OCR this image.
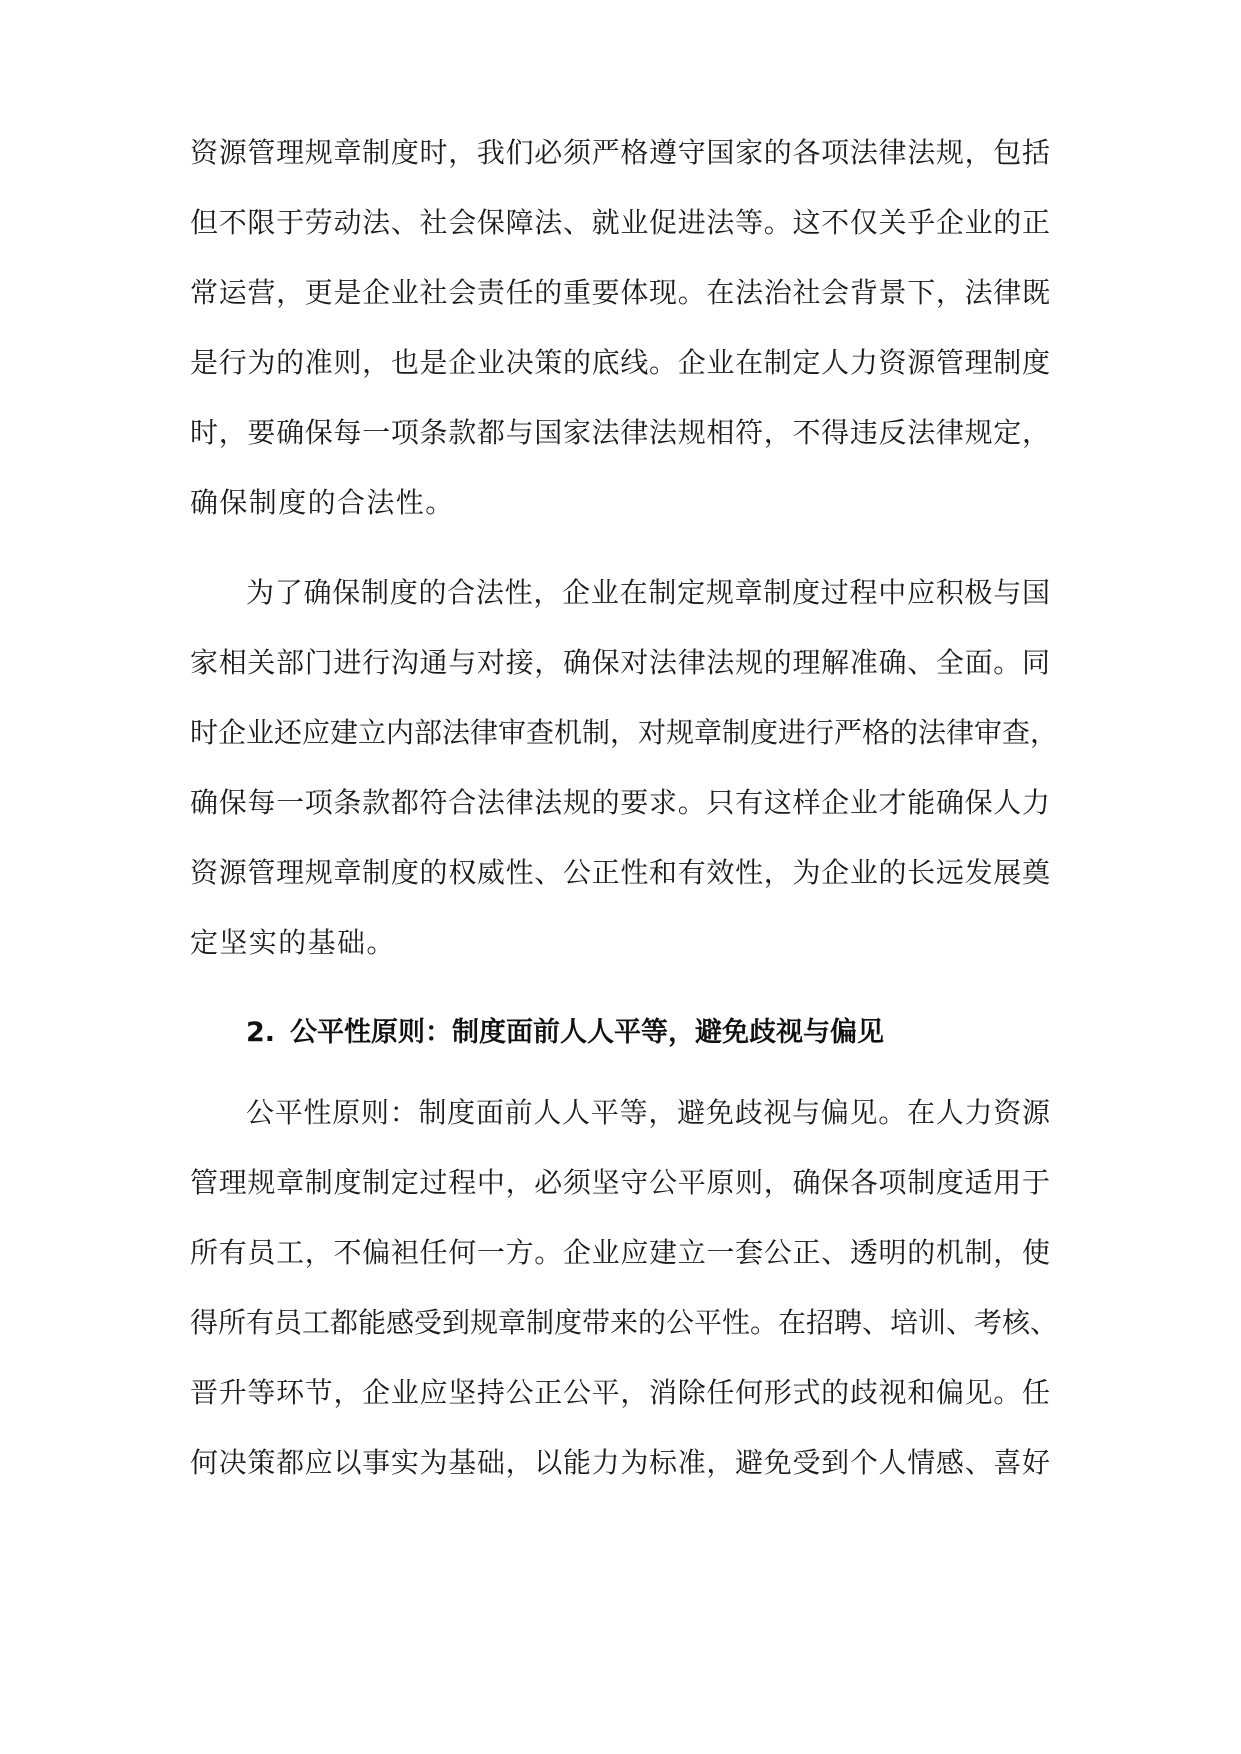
资源管理规章制度时，我们必须严格遵守国家的各项法律法规，包括
但不限于劳动法、社会保障法、就业促进法等。这不仅关乎企业的正
常运营，更是企业社会责任的重要体现。在法治社会背景下，法律既
是行为的准则，也是企业决策的底线。企业在制定人力资源管理制度
时，要确保每一项条款都与国家法律法规相符，不得违反法律规定，
确保制度的合法性。
为了确保制度的合法性，企业在制定规章制度过程中应积极与国
家相关部门进行沟通与对接，确保对法律法规的理解准确、全面。同
时企业还应建立内部法律审查机制，对规章制度进行严格的法律审查，
确保每一项条款都符合法律法规的要求。只有这样企业才能确保人力
资源管理规章制度的权威性、公正性和有效性，为企业的长远发展奠
定坚实的基础。
2. 公平性原则：制度面前人人平等，避免歧视与偏见
公平性原则：制度面前人人平等，避免歧视与偏见。在人力资源
管理规章制度制定过程中，必须坚守公平原则，确保各项制度适用于
所有员工，不偏袒任何一方。企业应建立一套公正、透明的机制，使
得所有员工都能感受到规章制度带来的公平性。在招聘、培训、考核、
晋升等环节，企业应坚持公正公平，消除任何形式的歧视和偏见。任
何决策都应以事实为基础，以能力为标准，避免受到个人情感、喜好
